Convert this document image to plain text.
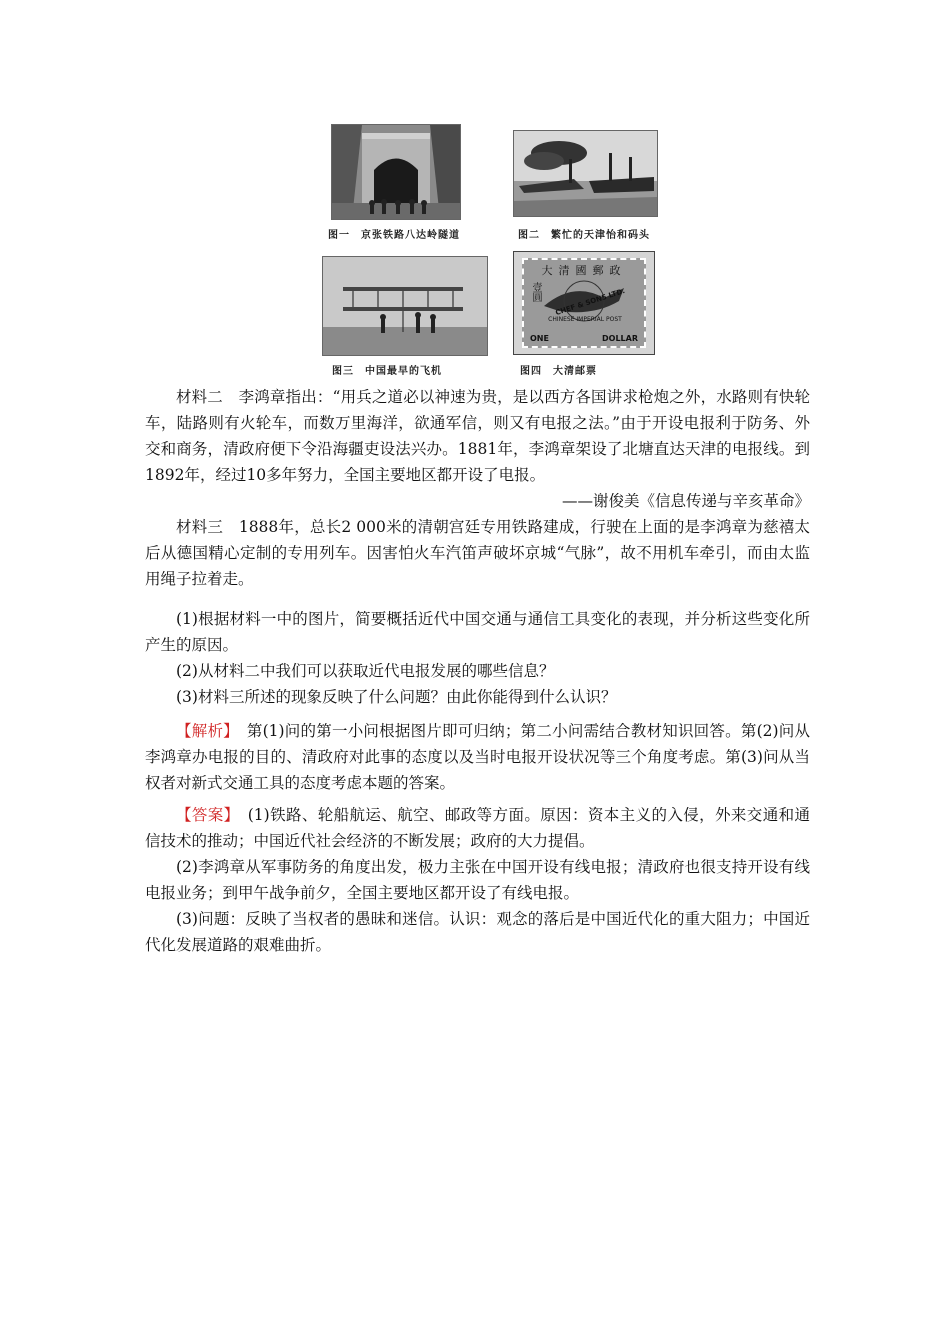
图一　京张铁路八达岭隧道	图二　繁忙的天津怡和码头
图三　中国最早的飞机
大清國郵政
CHEF & SONS LTD.
CHINESE IMPERIAL POST
ONE	DOLLAR
壹圓
图四　大清邮票

材料二　李鸿章指出：“用兵之道必以神速为贵，是以西方各国讲求枪炮之外，水路则有快轮车，陆路则有火轮车，而数万里海洋，欲通军信，则又有电报之法。”由于开设电报利于防务、外交和商务，清政府便下令沿海疆吏设法兴办。1881年，李鸿章架设了北塘直达天津的电报线。到1892年，经过10多年努力，全国主要地区都开设了电报。

——谢俊美《信息传递与辛亥革命》

材料三　1888年，总长2 000米的清朝宫廷专用铁路建成，行驶在上面的是李鸿章为慈禧太后从德国精心定制的专用列车。因害怕火车汽笛声破坏京城“气脉”，故不用机车牵引，而由太监用绳子拉着走。

(1)根据材料一中的图片，简要概括近代中国交通与通信工具变化的表现，并分析这些变化所产生的原因。

(2)从材料二中我们可以获取近代电报发展的哪些信息？

(3)材料三所述的现象反映了什么问题？由此你能得到什么认识？

【解析】　第(1)问的第一小问根据图片即可归纳；第二小问需结合教材知识回答。第(2)问从李鸿章办电报的目的、清政府对此事的态度以及当时电报开设状况等三个角度考虑。第(3)问从当权者对新式交通工具的态度考虑本题的答案。

【答案】　(1)铁路、轮船航运、航空、邮政等方面。原因：资本主义的入侵，外来交通和通信技术的推动；中国近代社会经济的不断发展；政府的大力提倡。

(2)李鸿章从军事防务的角度出发，极力主张在中国开设有线电报；清政府也很支持开设有线电报业务；到甲午战争前夕，全国主要地区都开设了有线电报。

(3)问题：反映了当权者的愚昧和迷信。认识：观念的落后是中国近代化的重大阻力；中国近代化发展道路的艰难曲折。
